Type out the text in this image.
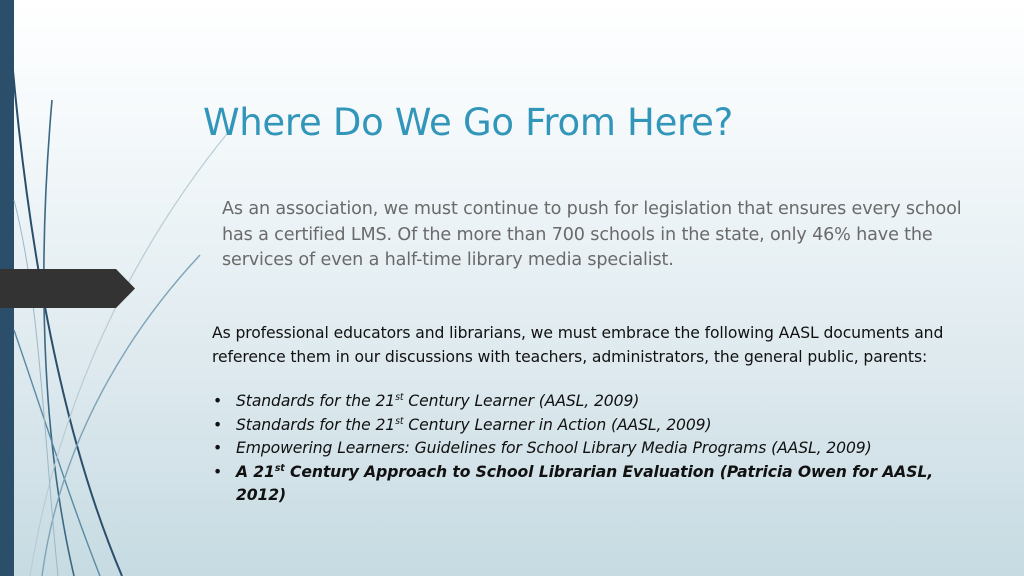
Where Do We Go From Here?

As an association, we must continue to push for legislation that ensures every school has a certified LMS. Of the more than 700 schools in the state, only 46% have the services of even a half-time library media specialist.

As professional educators and librarians, we must embrace the following AASL documents and reference them in our discussions with teachers, administrators, the general public, parents:

• Standards for the 21st Century Learner (AASL, 2009)
• Standards for the 21st Century Learner in Action (AASL, 2009)
• Empowering Learners: Guidelines for School Library Media Programs (AASL, 2009)
• A 21st Century Approach to School Librarian Evaluation (Patricia Owen for AASL, 2012)
